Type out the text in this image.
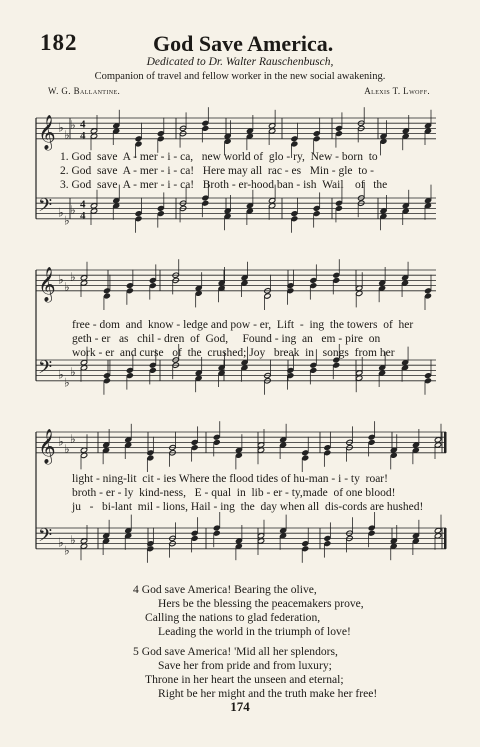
182	God Save America.
Dedicated to Dr. Walter Rauschenbusch,
Companion of travel and fellow worker in the new social awakening.
W. G. Ballantine.	Alexis T. Lwoff.
𝄞
𝄢
♭
♭
♭
♭
♭
♭
4
4
4
4
1. God  save  A - mer - i - ca,   new world of  glo - ry,  New - born  to
2. God  save  A - mer - i - ca!   Here may all  rac - es   Min - gle  to -
3. God  save  A - mer - i - ca!   Broth - er-hood ban - ish  Wail    of   the
𝄞
𝄢
♭
♭
♭
♭
♭
♭
free - dom  and  know - ledge and pow - er,  Lift  -  ing  the towers  of  her
geth - er   as   chil - dren  of  God,     Found - ing  an   em - pire  on
work - er  and curse   of  the  crushed; Joy   break  in   songs  from her
𝄞
𝄢
♭
♭
♭
♭
♭
♭
light - ning-lit  cit - ies Where the flood tides of hu-man - i - ty  roar!
broth - er - ly  kind-ness,   E - qual  in  lib - er - ty,made  of one blood!
ju   -   bi-lant  mil - lions, Hail - ing  the  day when all  dis-cords are hushed!
4 God save America! Bearing the olive,
Hers be the blessing the peacemakers prove,
Calling the nations to glad federation,
Leading the world in the triumph of love!
5 God save America! 'Mid all her splendors,
Save her from pride and from luxury;
Throne in her heart the unseen and eternal;
Right be her might and the truth make her free!
174
